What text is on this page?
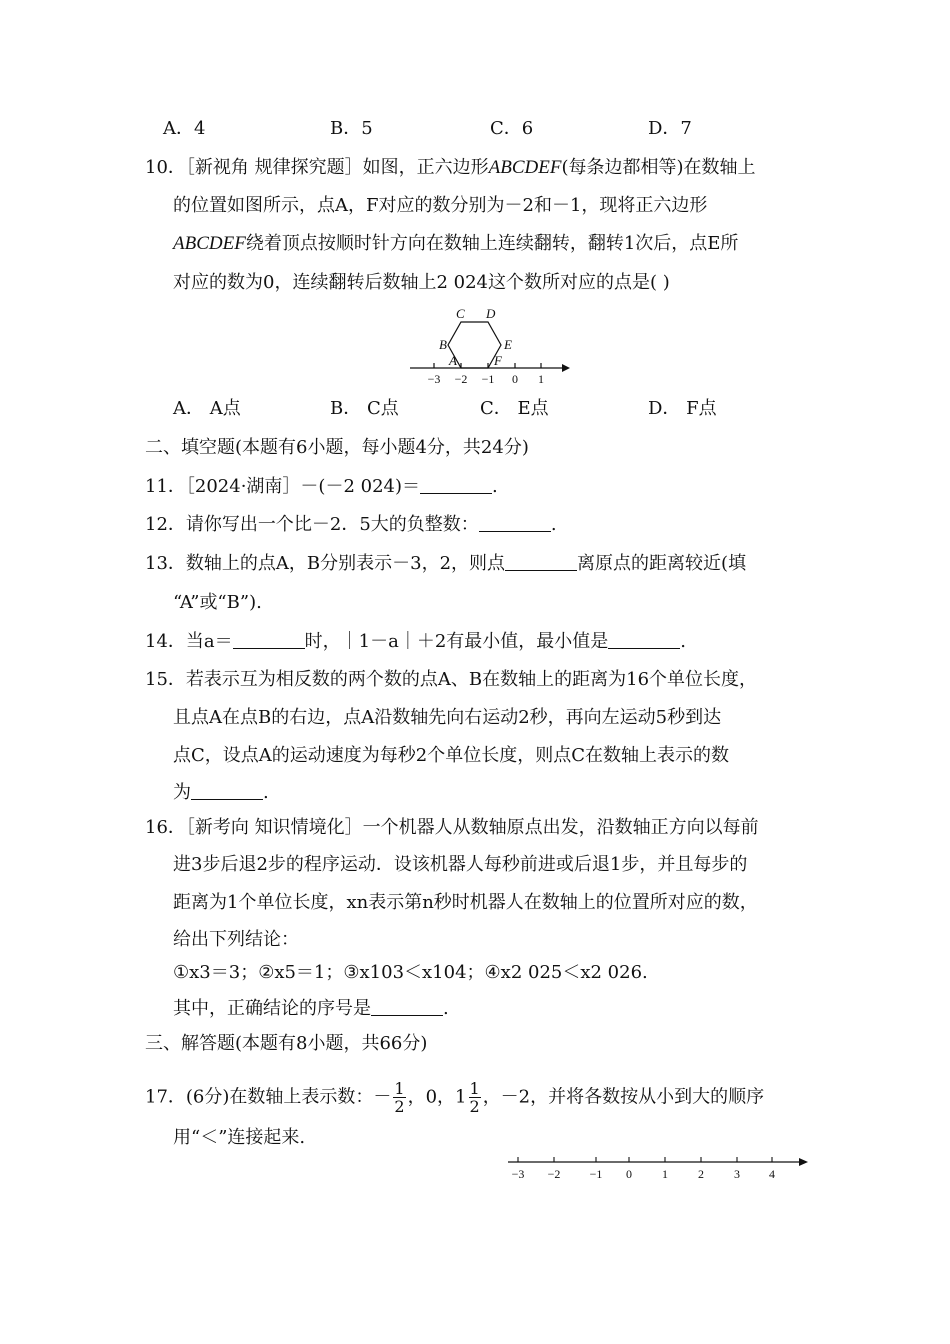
A．4	B．5	C．6	D．7
10．［新视角 规律探究题］如图，正六边形ABCDEF(每条边都相等)在数轴上
的位置如图所示，点A，F对应的数分别为－2和－1，现将正六边形
ABCDEF绕着顶点按顺时针方向在数轴上连续翻转，翻转1次后，点E所
对应的数为0，连续翻转后数轴上2 024这个数所对应的点是( )
C D
B	E
A	F
−3 −2 −1 0 1
A． A点	B． C点	C． E点	D． F点
二、填空题(本题有6小题，每小题4分，共24分)
11．［2024·湖南］－(－2 024)＝	.
12．请你写出一个比－2．5大的负整数：	.
13．数轴上的点A，B分别表示－3，2，则点	离原点的距离较近(填
“A”或“B”).
14．当a＝	时，｜1－a｜＋2有最小值，最小值是	.
15．若表示互为相反数的两个数的点A、B在数轴上的距离为16个单位长度，
且点A在点B的右边，点A沿数轴先向右运动2秒，再向左运动5秒到达
点C，设点A的运动速度为每秒2个单位长度，则点C在数轴上表示的数
为	.
16．［新考向 知识情境化］一个机器人从数轴原点出发，沿数轴正方向以每前
进3步后退2步的程序运动．设该机器人每秒前进或后退1步，并且每步的
距离为1个单位长度，xn表示第n秒时机器人在数轴上的位置所对应的数，
给出下列结论：
①x3＝3；②x5＝1；③x103＜x104；④x2 025＜x2 026.
其中，正确结论的序号是	.
三、解答题(本题有8小题，共66分)
17．(6分)在数轴上表示数：－ $\frac{1}{2}$ ，0，$1 \frac{1}{2}$ ，－2，并将各数按从小到大的顺序
用“＜”连接起来.
−3 −2 −1 0	1	2	3 4
